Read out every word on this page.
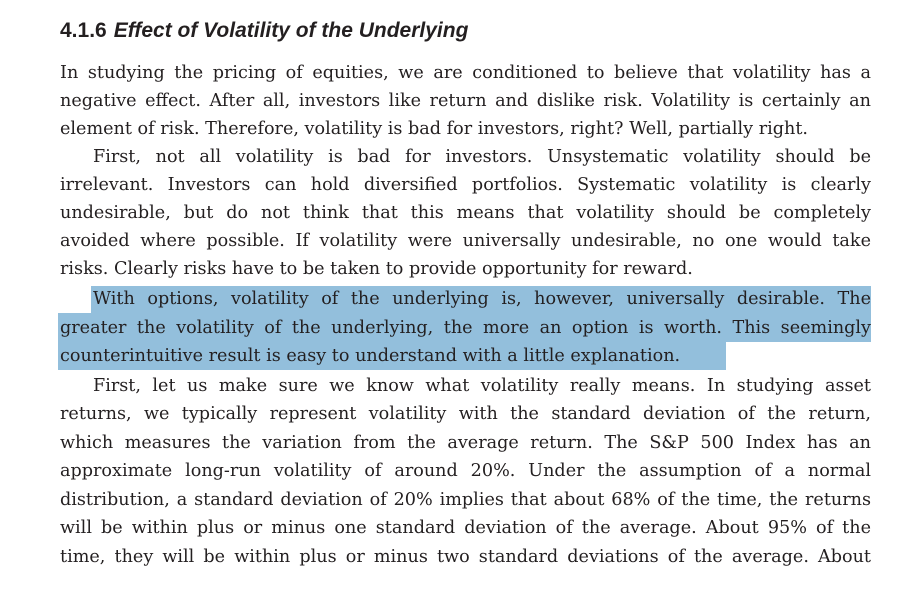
4.1.6 Effect of Volatility of the Underlying
In studying the pricing of equities, we are conditioned to believe that volatility has a
negative effect. After all, investors like return and dislike risk. Volatility is certainly an
element of risk. Therefore, volatility is bad for investors, right? Well, partially right.
First, not all volatility is bad for investors. Unsystematic volatility should be
irrelevant. Investors can hold diversified portfolios. Systematic volatility is clearly
undesirable, but do not think that this means that volatility should be completely
avoided where possible. If volatility were universally undesirable, no one would take
risks. Clearly risks have to be taken to provide opportunity for reward.
With options, volatility of the underlying is, however, universally desirable. The
greater the volatility of the underlying, the more an option is worth. This seemingly
counterintuitive result is easy to understand with a little explanation.
First, let us make sure we know what volatility really means. In studying asset
returns, we typically represent volatility with the standard deviation of the return,
which measures the variation from the average return. The S&P 500 Index has an
approximate long-run volatility of around 20%. Under the assumption of a normal
distribution, a standard deviation of 20% implies that about 68% of the time, the returns
will be within plus or minus one standard deviation of the average. About 95% of the
time, they will be within plus or minus two standard deviations of the average. About
